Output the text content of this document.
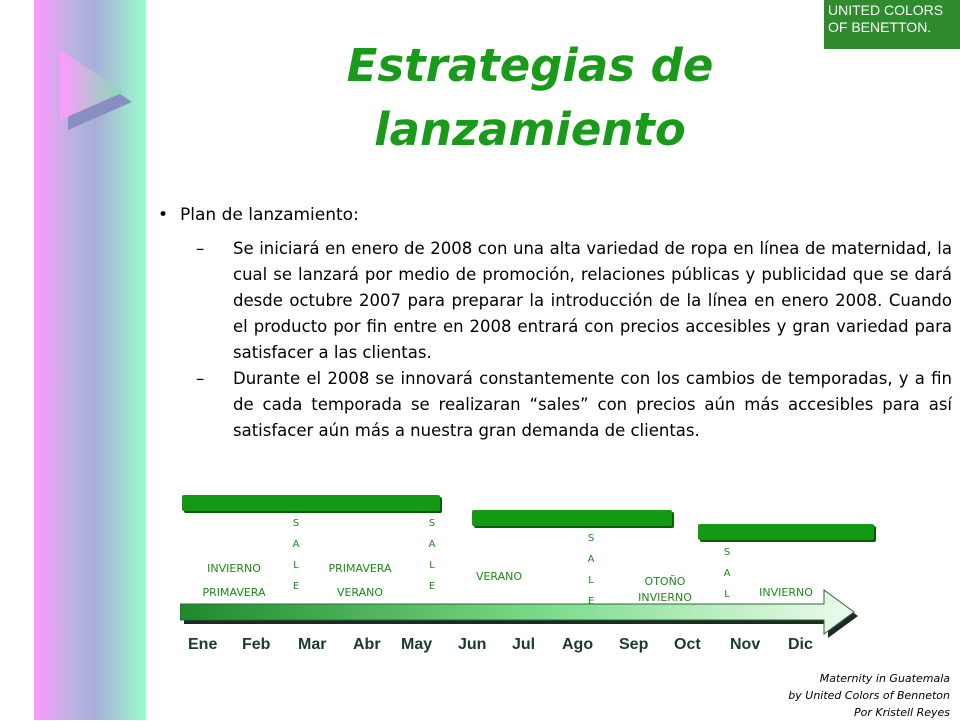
UNITED COLORS
OF BENETTON.
Estrategias de
lanzamiento
• Plan de lanzamiento:
– Se iniciará en enero de 2008 con una alta variedad de ropa en línea de maternidad, la cual se lanzará por medio de promoción, relaciones públicas y publicidad que se dará desde octubre 2007 para preparar la introducción de la línea en enero 2008. Cuando el producto por fin entre en 2008 entrará con precios accesibles y gran variedad para satisfacer a las clientas.
– Durante el 2008 se innovará constantemente con los cambios de temporadas, y a fin de cada temporada se realizaran “sales” con precios aún más accesibles para así satisfacer aún más a nuestra gran demanda de clientas.
INVIERNO
PRIMAVERA
PRIMAVERA
VERANO
VERANO	OTOÑO
INVIERNO	INVIERNO
S
A
L
E
S
A
L
E
S
A
L
E
S
A
L
Ene Feb Mar Abr May Jun Jul Ago Sep Oct Nov Dic
Maternity in Guatemala
by United Colors of Benneton
Por Kristell Reyes
